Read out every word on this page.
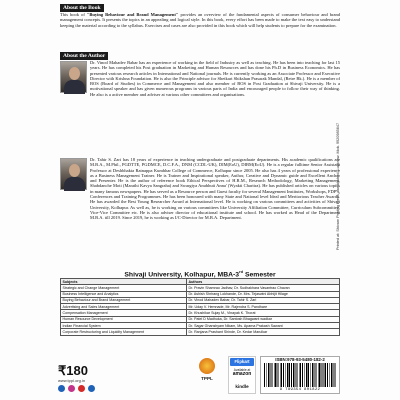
About the Book
This book of "Buying Behaviour and Brand Management" provides an overview of the fundamental aspects of consumer behaviour and brand management concepts. It presents the topics in an appealing and logical style. In this book, every effort has been made to make the text easy to understand keeping the material according to the syllabus. Exercises and cases are also provided in this book which will help students to prepare for the examination.
About the Author
Dr. Vinod Mahadev Babar has an experience of working in the field of Industry as well as teaching. He has been into teaching for last 15 years. He has completed his Post graduation in Marketing and Human Resources and has done his Ph.D in Business Economics. He has presented various research articles in International and National journals. He is currently working as an Associate Professor and Executive Director with Krishna Foundation. He is also the Principle advisor for Shetkari Shikshan Prasarak Mandal, (Retre Bk.). He is a member of BOS (Board of Studies) in Commerce and Management and also member of BOS in Post Graduation at Shivaji University. He is a motivational speaker and has given numerous programs in various parts of India and encouraged people to follow their way of thinking. He also is a active member and adviser at various other committees and organisations.
Dr. Tahir S. Zari has 18 years of experience in teaching undergraduate and postgraduate departments. His academic qualifications are M.B.A., M.Phil., PGDTTE, PGDMCE, D.C.F.A., DNM (CCDL-UK), DIM(EoU), DIBM(EoU). He is a regular fulltime Senior Assistant Professor at Deshbhakta Ratnappa Kumbhar College of Commerce, Kolhapur since 2005. He also has 4 years of professional experience as a Business Management Trainer. He is Trainer and Inspirational speaker, Author, Creative and Dynamic guide and Excellent Anchor and Presenter. He is the author of reference book Ethical Perspectives of H.R.M., Research Methodology, Marketing Management, Shabdanche Moti (Marathi Kavya Sangraha) and Swargiya Anubhuti Anna' (Wyakti Charitra). He has published articles on various topics in many famous newspapers. He has served as a Resource person and Guest faculty for several Management Institutes, Workshops, FDP's, Conferences and Training Programmes. He has been honoured with many State and National level Ideal and Meritorious Teacher Awards. He has awarded the Best Young Researcher Award at International level. He is working on various committees and activities of Shivaji University, Kolhapur. As well as, he is working on various committees like University Affiliation Committee, Curriculum Subcommittee, Vice-Vice Committee etc. He is also adviser director of educational institute and school. He has worked as Head of the Department M.B.A. till 2019. Since 2019, he is working as I/C-Director for M.B.A. Department.
Shivaji University, Kolhapur, MBA-3rd Semester
Subjects	Authors
Strategic and Change Management	Dr. Pravin Shamrao Jadhav, Dr. Sudhakhara Vasantrao Chavan
Business Intelligence and Analytics	Dr. Ashish Shrirang Lokhande, Dr. Mrs. Tejaswini Abhijit Hilage
Buying Behaviour and Brand Management	Dr. Vinod Mahadev Babar, Dr. Tahir S. Zari
Advertising and Sales Management	Mr. Uday V. Hemnade, Mr. Rajendra S. Pandhare
Compensation Management	Dr. Khushikar Sujay M., Vinayak K. Thorat
Human Resource Development	Dr. Patel D Madhuka, Dr. Santosh Bhagwant wadkar
Indian Financial System	Dr. Sagar Ghanshyam Nikam, Ms. Aparna Prakash Sawant
Corporate Restructuring and Liquidity Management	Dr. Ranjana Prashant Shinde, Dr. Kedar Marulkar
₹180
www.tppl.org.in	TPPL
Flipkart
Available at
amazon
kindle
ISBN:978-93-5480-182-2
9 789354 801822
Printed at: Shivam Printing Press, Jambhkhed, Lucknow. Mob. 9920985647
